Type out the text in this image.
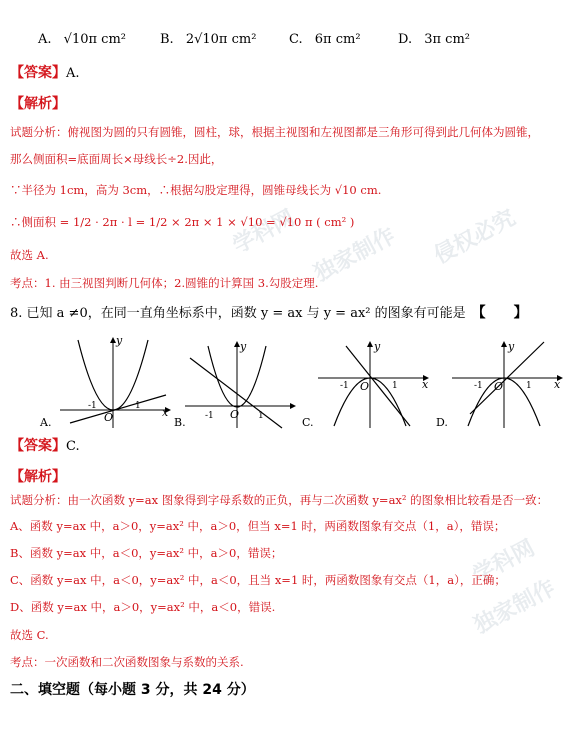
学科网 独家制作 侵权必究
学科网
独家制作
A. √10π cm²	B. 2√10π cm²	C. 6π cm²	D. 3π cm²
【答案】A.
【解析】
试题分析：俯视图为圆的只有圆锥，圆柱，球，根据主视图和左视图都是三角形可得到此几何体为圆锥，
那么侧面积=底面周长×母线长÷2.因此，
∵半径为 1cm，高为 3cm，∴根据勾股定理得，圆锥母线长为 √10 cm.
∴侧面积 = 1/2 · 2π · l = 1/2 × 2π × 1 × √10 = √10 π ( cm² )
故选 A.
考点：1. 由三视图判断几何体；2.圆锥的计算国 3.勾股定理.
8. 已知 a ≠0，在同一直角坐标系中，函数 y = ax 与 y = ax² 的图象有可能是 【　　】
y
x
O
-1	1
A.
y
-1	1
O
B.
y
x
-1	1
O
C.
y
x
-1	1
O
D.
【答案】C.
【解析】
试题分析：由一次函数 y=ax 图象得到字母系数的正负，再与二次函数 y=ax² 的图象相比较看是否一致：
A、函数 y=ax 中，a＞0，y=ax² 中，a＞0，但当 x=1 时，两函数图象有交点（1，a），错误；
B、函数 y=ax 中，a＜0，y=ax² 中，a＞0，错误；
C、函数 y=ax 中，a＜0，y=ax² 中，a＜0，且当 x=1 时，两函数图象有交点（1，a），正确；
D、函数 y=ax 中，a＞0，y=ax² 中，a＜0，错误.
故选 C.
考点：一次函数和二次函数图象与系数的关系.
二、填空题（每小题 3 分，共 24 分）
